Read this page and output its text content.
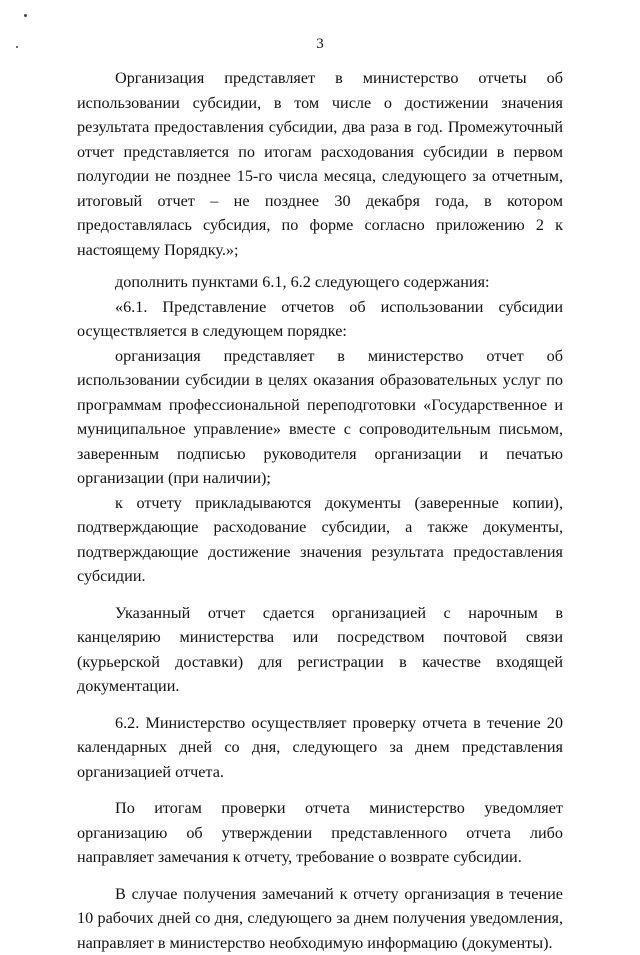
3

Организация представляет в министерство отчеты об использовании субсидии, в том числе о достижении значения результата предоставления субсидии, два раза в год. Промежуточный отчет представляется по итогам расходования субсидии в первом полугодии не позднее 15-го числа месяца, следующего за отчетным, итоговый отчет – не позднее 30 декабря года, в котором предоставлялась субсидия, по форме согласно приложению 2 к настоящему Порядку.»;

дополнить пунктами 6.1, 6.2 следующего содержания:

«6.1. Представление отчетов об использовании субсидии осуществляется в следующем порядке:

организация представляет в министерство отчет об использовании субсидии в целях оказания образовательных услуг по программам профессиональной переподготовки «Государственное и муниципальное управление» вместе с сопроводительным письмом, заверенным подписью руководителя организации и печатью организации (при наличии);

к отчету прикладываются документы (заверенные копии), подтверждающие расходование субсидии, а также документы, подтверждающие достижение значения результата предоставления субсидии.

Указанный отчет сдается организацией с нарочным в канцелярию министерства или посредством почтовой связи (курьерской доставки) для регистрации в качестве входящей документации.

6.2. Министерство осуществляет проверку отчета в течение 20 календарных дней со дня, следующего за днем представления организацией отчета.

По итогам проверки отчета министерство уведомляет организацию об утверждении представленного отчета либо направляет замечания к отчету, требование о возврате субсидии.

В случае получения замечаний к отчету организация в течение 10 рабочих дней со дня, следующего за днем получения уведомления, направляет в министерство необходимую информацию (документы).
